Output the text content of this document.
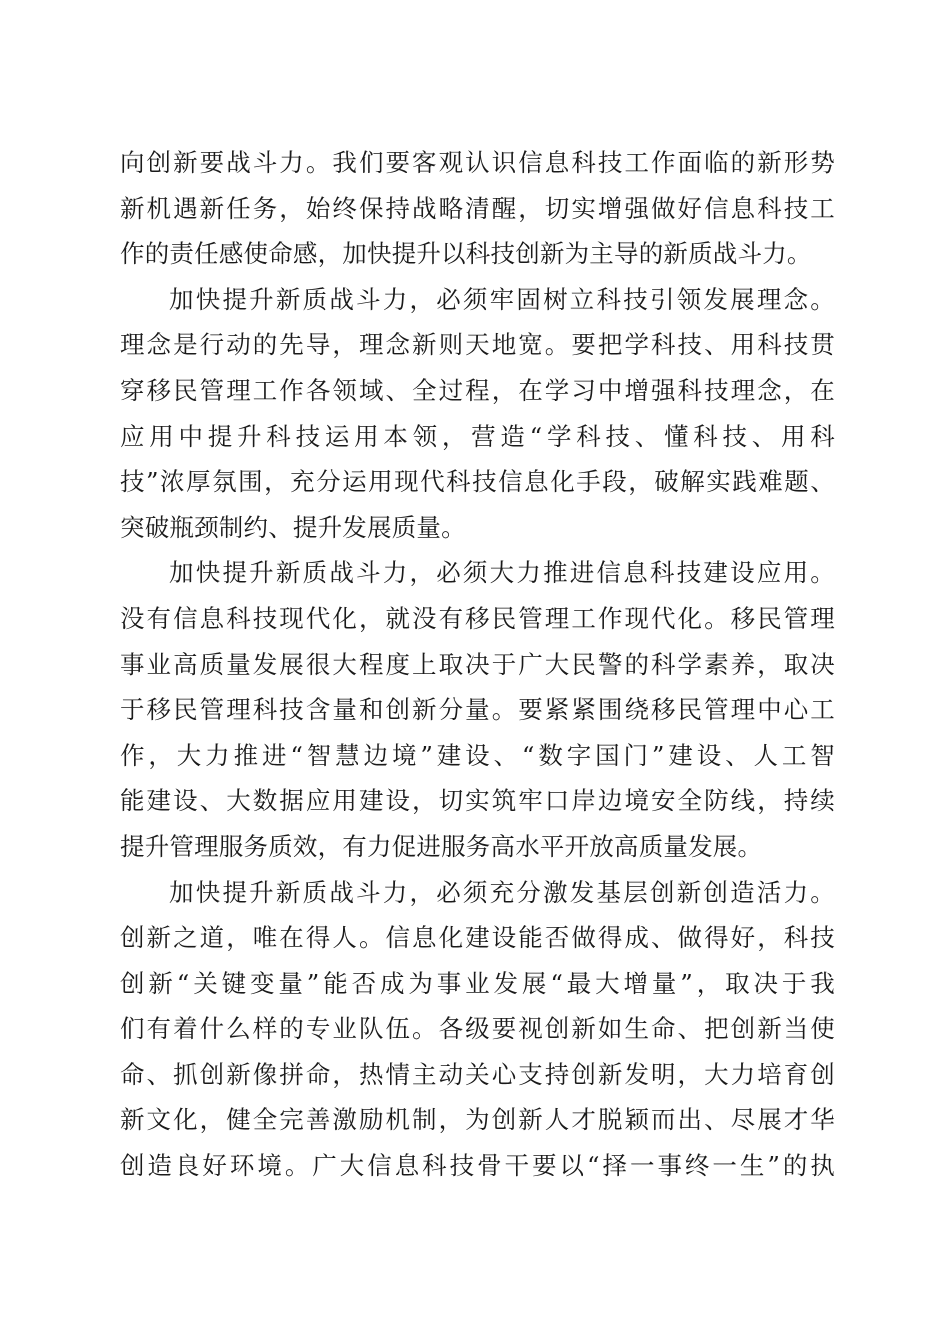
向创新要战斗力。我们要客观认识信息科技工作面临的新形势
新机遇新任务，始终保持战略清醒，切实增强做好信息科技工
作的责任感使命感，加快提升以科技创新为主导的新质战斗力。
加快提升新质战斗力，必须牢固树立科技引领发展理念。
理念是行动的先导，理念新则天地宽。要把学科技、用科技贯
穿移民管理工作各领域、全过程，在学习中增强科技理念，在
应用中提升科技运用本领，营造“学科技、懂科技、用科
技”浓厚氛围，充分运用现代科技信息化手段，破解实践难题、
突破瓶颈制约、提升发展质量。
加快提升新质战斗力，必须大力推进信息科技建设应用。
没有信息科技现代化，就没有移民管理工作现代化。移民管理
事业高质量发展很大程度上取决于广大民警的科学素养，取决
于移民管理科技含量和创新分量。要紧紧围绕移民管理中心工
作，大力推进“智慧边境”建设、“数字国门”建设、人工智
能建设、大数据应用建设，切实筑牢口岸边境安全防线，持续
提升管理服务质效，有力促进服务高水平开放高质量发展。
加快提升新质战斗力，必须充分激发基层创新创造活力。
创新之道，唯在得人。信息化建设能否做得成、做得好，科技
创新“关键变量”能否成为事业发展“最大增量”，取决于我
们有着什么样的专业队伍。各级要视创新如生命、把创新当使
命、抓创新像拼命，热情主动关心支持创新发明，大力培育创
新文化，健全完善激励机制，为创新人才脱颖而出、尽展才华
创造良好环境。广大信息科技骨干要以“择一事终一生”的执
